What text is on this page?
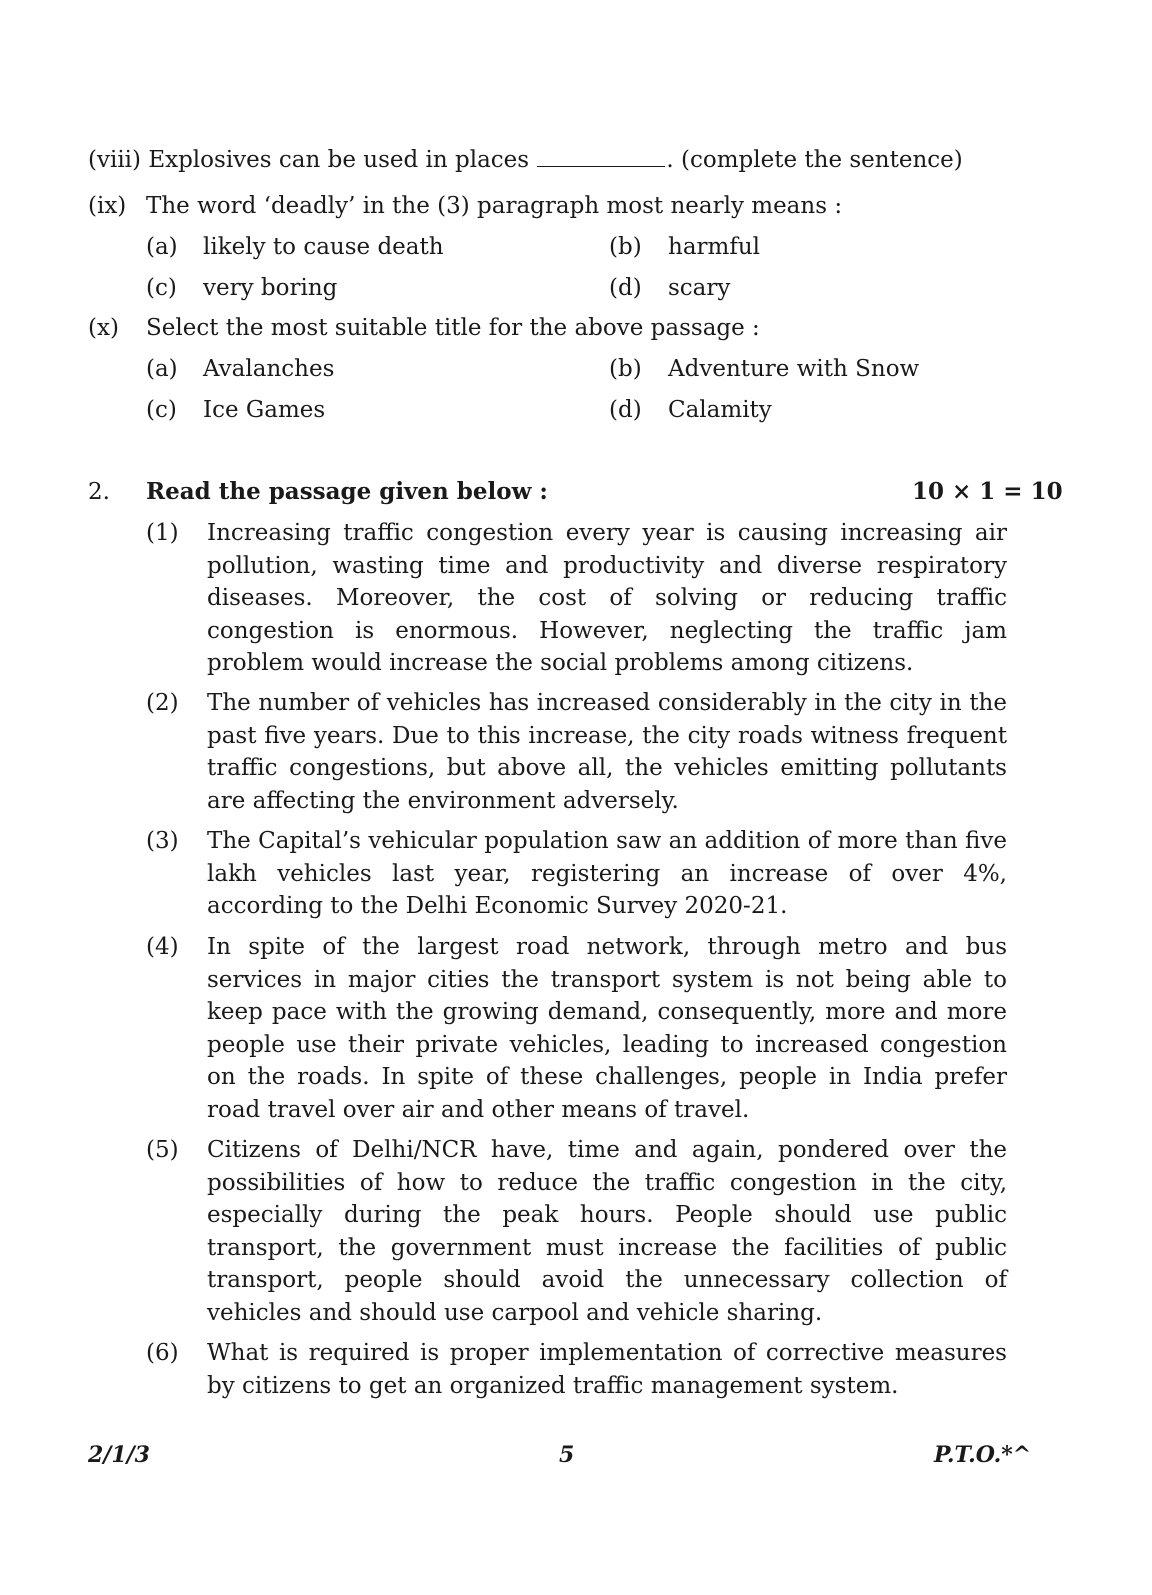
(viii) Explosives can be used in places	. (complete the sentence)
(ix) The word ‘deadly’ in the (3) paragraph most nearly means :
(a) likely to cause death	(b) harmful
(c) very boring	(d) scary
(x) Select the most suitable title for the above passage :
(a) Avalanches	(b) Adventure with Snow
(c) Ice Games	(d) Calamity
2. Read the passage given below :	10 × 1 = 10
(1) Increasing traffic congestion every year is causing increasing air pollution, wasting time and productivity and diverse respiratory diseases. Moreover, the cost of solving or reducing traffic congestion is enormous. However, neglecting the traffic jam problem would increase the social problems among citizens.
(2) The number of vehicles has increased considerably in the city in the past five years. Due to this increase, the city roads witness frequent traffic congestions, but above all, the vehicles emitting pollutants are affecting the environment adversely.
(3) The Capital’s vehicular population saw an addition of more than five lakh vehicles last year, registering an increase of over 4%, according to the Delhi Economic Survey 2020-21.
(4) In spite of the largest road network, through metro and bus services in major cities the transport system is not being able to keep pace with the growing demand, consequently, more and more people use their private vehicles, leading to increased congestion on the roads. In spite of these challenges, people in India prefer road travel over air and other means of travel.
(5) Citizens of Delhi/NCR have, time and again, pondered over the possibilities of how to reduce the traffic congestion in the city, especially during the peak hours. People should use public transport, the government must increase the facilities of public transport, people should avoid the unnecessary collection of vehicles and should use carpool and vehicle sharing.
(6) What is required is proper implementation of corrective measures by citizens to get an organized traffic management system.
2/1/3	5	P.T.O.*^
